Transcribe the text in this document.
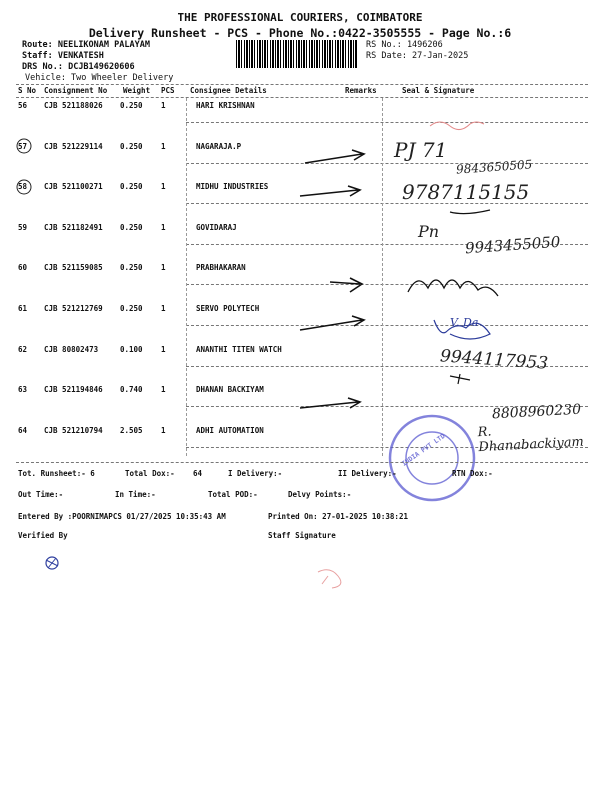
THE PROFESSIONAL COURIERS, COIMBATORE
Delivery Runsheet - PCS - Phone No.:0422-3505555 - Page No.:6
Route: NEELIKONAM PALAYAM
Staff: VENKATESH
DRS No.: DCJB149620606
Vehicle: Two Wheeler Delivery
RS No.: 1496206
RS Date: 27-Jan-2025
S No Consignment No Weight PCS Consignee Details	Remarks	Seal & Signature
56 CJB 521188026 0.250 1	HARI KRISHNAN
57 CJB 521229114 0.250 1	NAGARAJA.P
58 CJB 521100271 0.250 1	MIDHU INDUSTRIES
59 CJB 521182491 0.250 1	GOVIDARAJ
60 CJB 521159085 0.250 1	PRABHAKARAN
61 CJB 521212769 0.250 1	SERVO POLYTECH
62 CJB 80802473	0.100 1	ANANTHI TITEN WATCH
63 CJB 521194846 0.740 1	DHANAN BACKIYAM
64 CJB 521210794 2.505 1	ADHI AUTOMATION
PJ 71
9843650505
9787115155
Pn
9943455050
V. Da
9944117953
8808960230
R. Dhanabackiyam
INDIA PVT LTD
Tot. Runsheet:- 6	Total Dox:- 64	I Delivery:-	II Delivery:-	RTN Dox:-
Out Time:-	In Time:-	Total POD:-	Delvy Points:-
Entered By :POORNIMAPCS 01/27/2025 10:35:43 AM	Printed On: 27-01-2025 10:38:21
Verified By	Staff Signature
